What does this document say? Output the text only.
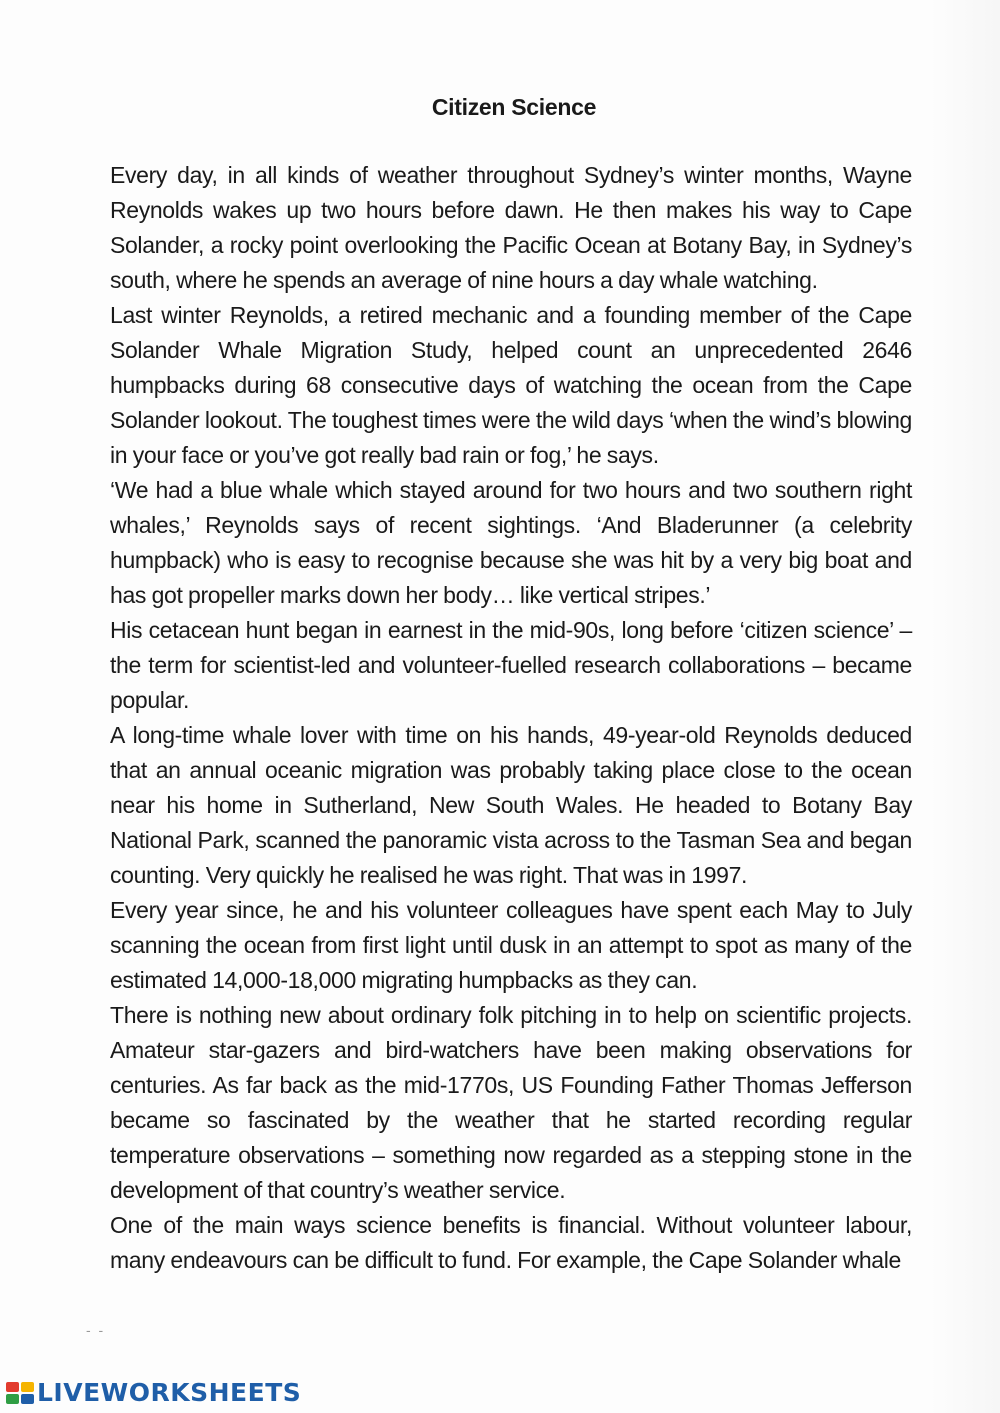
Citizen Science

Every day, in all kinds of weather throughout Sydney’s winter months, Wayne Reynolds wakes up two hours before dawn. He then makes his way to Cape Solander, a rocky point overlooking the Pacific Ocean at Botany Bay, in Sydney’s south, where he spends an average of nine hours a day whale watching.

Last winter Reynolds, a retired mechanic and a founding member of the Cape Solander Whale Migration Study, helped count an unprecedented 2646 humpbacks during 68 consecutive days of watching the ocean from the Cape Solander lookout. The toughest times were the wild days ‘when the wind’s blowing in your face or you’ve got really bad rain or fog,’ he says.

‘We had a blue whale which stayed around for two hours and two southern right whales,’ Reynolds says of recent sightings. ‘And Bladerunner (a celebrity humpback) who is easy to recognise because she was hit by a very big boat and has got propeller marks down her body… like vertical stripes.’

His cetacean hunt began in earnest in the mid-90s, long before ‘citizen science’ – the term for scientist-led and volunteer-fuelled research collaborations – became popular.

A long-time whale lover with time on his hands, 49-year-old Reynolds deduced that an annual oceanic migration was probably taking place close to the ocean near his home in Sutherland, New South Wales. He headed to Botany Bay National Park, scanned the panoramic vista across to the Tasman Sea and began counting. Very quickly he realised he was right. That was in 1997.

Every year since, he and his volunteer colleagues have spent each May to July scanning the ocean from first light until dusk in an attempt to spot as many of the estimated 14,000-18,000 migrating humpbacks as they can.

There is nothing new about ordinary folk pitching in to help on scientific projects. Amateur star-gazers and bird-watchers have been making observations for centuries. As far back as the mid-1770s, US Founding Father Thomas Jefferson became so fascinated by the weather that he started recording regular temperature observations – something now regarded as a stepping stone in the development of that country’s weather service.

One of the main ways science benefits is financial. Without volunteer labour, many endeavours can be difficult to fund. For example, the Cape Solander whale

- -
LIVEWORKSHEETS
